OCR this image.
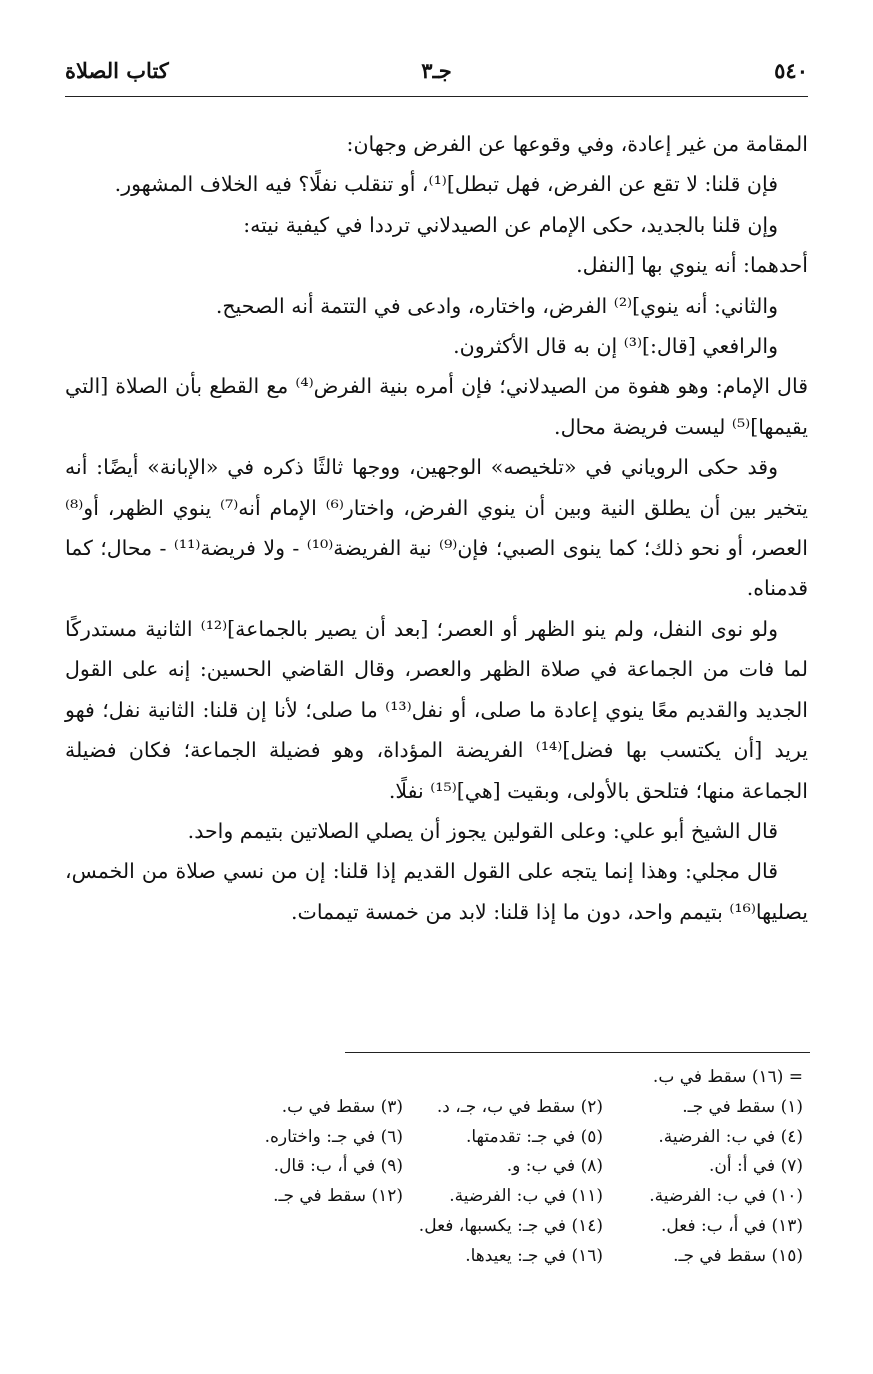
٥٤٠
جـ٣
كتاب الصلاة

المقامة من غير إعادة، وفي وقوعها عن الفرض وجهان:

فإن قلنا: لا تقع عن الفرض، فهل تبطل]⁽¹⁾، أو تنقلب نفلًا؟ فيه الخلاف المشهور.

وإن قلنا بالجديد، حكى الإمام عن الصيدلاني ترددا في كيفية نيته:

أحدهما: أنه ينوي بها [النفل.

والثاني: أنه ينوي]⁽²⁾ الفرض، واختاره، وادعى في التتمة أنه الصحيح.

والرافعي [قال:]⁽³⁾ إن به قال الأكثرون.

قال الإمام: وهو هفوة من الصيدلاني؛ فإن أمره بنية الفرض⁽⁴⁾ مع القطع بأن الصلاة [التي يقيمها]⁽⁵⁾ ليست فريضة محال.

وقد حكى الروياني في «تلخيصه» الوجهين، ووجها ثالثًا ذكره في «الإبانة» أيضًا: أنه يتخير بين أن يطلق النية وبين أن ينوي الفرض، واختار⁽⁶⁾ الإمام أنه⁽⁷⁾ ينوي الظهر، أو⁽⁸⁾ العصر، أو نحو ذلك؛ كما ينوى الصبي؛ فإن⁽⁹⁾ نية الفريضة⁽¹⁰⁾ - ولا فريضة⁽¹¹⁾ - محال؛ كما قدمناه.

ولو نوى النفل، ولم ينو الظهر أو العصر؛ [بعد أن يصير بالجماعة]⁽¹²⁾ الثانية مستدركًا لما فات من الجماعة في صلاة الظهر والعصر، وقال القاضي الحسين: إنه على القول الجديد والقديم معًا ينوي إعادة ما صلى، أو نفل⁽¹³⁾ ما صلى؛ لأنا إن قلنا: الثانية نفل؛ فهو يريد [أن يكتسب بها فضل]⁽¹⁴⁾ الفريضة المؤداة، وهو فضيلة الجماعة؛ فكان فضيلة الجماعة منها؛ فتلحق بالأولى، وبقيت [هي]⁽¹⁵⁾ نفلًا.

قال الشيخ أبو علي: وعلى القولين يجوز أن يصلي الصلاتين بتيمم واحد.

قال مجلي: وهذا إنما يتجه على القول القديم إذا قلنا: إن من نسي صلاة من الخمس، يصليها⁽¹⁶⁾ بتيمم واحد، دون ما إذا قلنا: لابد من خمسة تيممات.

= (١٦) سقط في ب.

(١) سقط في جـ.
(٢) سقط في ب، جـ، د.
(٣) سقط في ب.
(٤) في ب: الفرضية.
(٥) في جـ: تقدمتها.
(٦) في جـ: واختاره.
(٧) في أ: أن.
(٨) في ب: و.
(٩) في أ، ب: قال.
(١٠) في ب: الفرضية.
(١١) في ب: الفرضية.
(١٢) سقط في جـ.
(١٣) في أ، ب: فعل.
(١٤) في جـ: يكسبها، فعل.
(١٥) سقط في جـ.
(١٦) في جـ: يعيدها.
